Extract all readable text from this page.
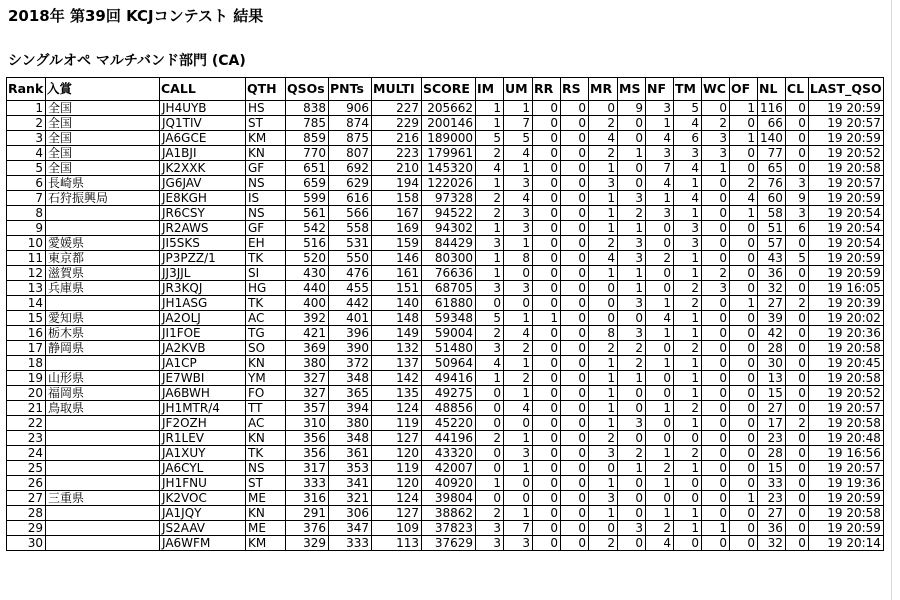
2018年 第39回 KCJコンテスト 結果
シングルオペ マルチバンド部門 (CA)
Rank	入賞	CALL	QTH	QSOs	PNTs	MULTI	SCORE	IM	UM	RR	RS	MR	MS	NF	TM	WC	OF	NL	CL	LAST_QSO
1	全国	JH4UYB	HS	838	906	227	205662	1	1	0	0	0	9	3	5	0	1	116	0	19 20:59
2	全国	JQ1TIV	ST	785	874	229	200146	1	7	0	0	2	0	1	4	2	0	66	0	19 20:57
3	全国	JA6GCE	KM	859	875	216	189000	5	5	0	0	4	0	4	6	3	1	140	0	19 20:59
4	全国	JA1BJI	KN	770	807	223	179961	2	4	0	0	2	1	3	3	3	0	77	0	19 20:52
5	全国	JK2XXK	GF	651	692	210	145320	4	1	0	0	1	0	7	4	1	0	65	0	19 20:58
6	長崎県	JG6JAV	NS	659	629	194	122026	1	3	0	0	3	0	4	1	0	2	76	3	19 20:57
7	石狩振興局	JE8KGH	IS	599	616	158	97328	2	4	0	0	1	3	1	4	0	4	60	9	19 20:59
8		JR6CSY	NS	561	566	167	94522	2	3	0	0	1	2	3	1	0	1	58	3	19 20:54
9		JR2AWS	GF	542	558	169	94302	1	3	0	0	1	1	0	3	0	0	51	6	19 20:54
10	愛媛県	JI5SKS	EH	516	531	159	84429	3	1	0	0	2	3	0	3	0	0	57	0	19 20:54
11	東京都	JP3PZZ/1	TK	520	550	146	80300	1	8	0	0	4	3	2	1	0	0	43	5	19 20:59
12	滋賀県	JJ3JJL	SI	430	476	161	76636	1	0	0	0	1	1	0	1	2	0	36	0	19 20:59
13	兵庫県	JR3KQJ	HG	440	455	151	68705	3	3	0	0	0	1	0	2	3	0	32	0	19 16:05
14		JH1ASG	TK	400	442	140	61880	0	0	0	0	0	3	1	2	0	1	27	2	19 20:39
15	愛知県	JA2OLJ	AC	392	401	148	59348	5	1	1	0	0	0	4	1	0	0	39	0	19 20:02
16	栃木県	JI1FOE	TG	421	396	149	59004	2	4	0	0	8	3	1	1	0	0	42	0	19 20:36
17	静岡県	JA2KVB	SO	369	390	132	51480	3	2	0	0	2	2	0	2	0	0	28	0	19 20:58
18		JA1CP	KN	380	372	137	50964	4	1	0	0	1	2	1	1	0	0	30	0	19 20:45
19	山形県	JE7WBI	YM	327	348	142	49416	1	2	0	0	1	1	0	1	0	0	13	0	19 20:58
20	福岡県	JA6BWH	FO	327	365	135	49275	0	1	0	0	1	0	0	1	0	0	15	0	19 20:52
21	鳥取県	JH1MTR/4	TT	357	394	124	48856	0	4	0	0	1	0	1	2	0	0	27	0	19 20:57
22		JF2OZH	AC	310	380	119	45220	0	0	0	0	1	3	0	1	0	0	17	2	19 20:58
23		JR1LEV	KN	356	348	127	44196	2	1	0	0	2	0	0	0	0	0	23	0	19 20:48
24		JA1XUY	TK	356	361	120	43320	0	3	0	0	3	2	1	2	0	0	28	0	19 16:56
25		JA6CYL	NS	317	353	119	42007	0	1	0	0	0	1	2	1	0	0	15	0	19 20:57
26		JH1FNU	ST	333	341	120	40920	1	0	0	0	1	0	1	0	0	0	33	0	19 19:36
27	三重県	JK2VOC	ME	316	321	124	39804	0	0	0	0	3	0	0	0	0	1	23	0	19 20:59
28		JA1JQY	KN	291	306	127	38862	2	1	0	0	1	0	1	1	0	0	27	0	19 20:58
29		JS2AAV	ME	376	347	109	37823	3	7	0	0	0	3	2	1	1	0	36	0	19 20:59
30		JA6WFM	KM	329	333	113	37629	3	3	0	0	2	0	4	0	0	0	32	0	19 20:14
